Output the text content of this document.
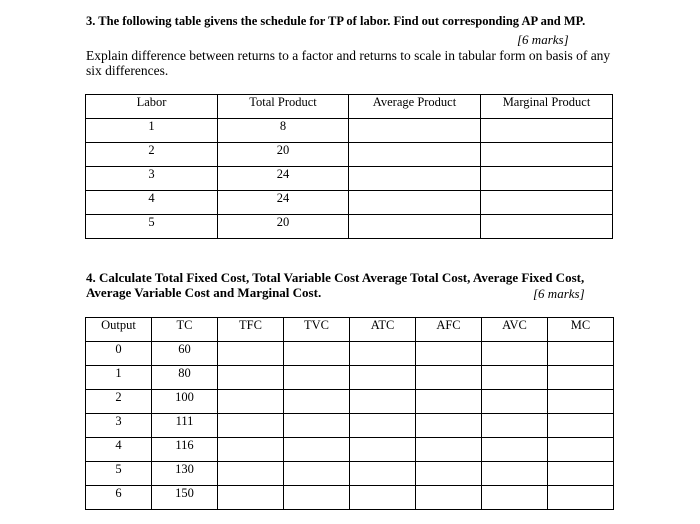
3. The following table givens the schedule for TP of labor. Find out corresponding AP and MP.
[6 marks]
Explain difference between returns to a factor and returns to scale in tabular form on basis of any six differences.
Labor	Total Product	Average Product	Marginal Product
1	8		
2	20		
3	24		
4	24		
5	20		
4. Calculate Total Fixed Cost, Total Variable Cost Average Total Cost, Average Fixed Cost, Average Variable Cost and Marginal Cost.	[6 marks]
Output	TC	TFC	TVC	ATC	AFC	AVC	MC
0	60						
1	80						
2	100						
3	111						
4	116						
5	130						
6	150						
